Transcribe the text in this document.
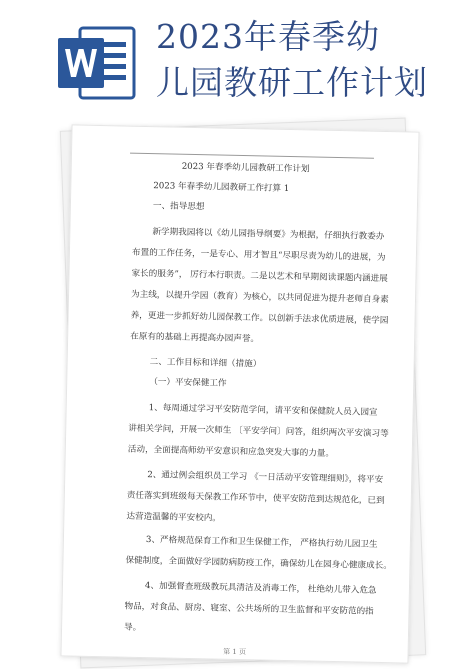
2023年春季幼
儿园教研工作计划
2023 年春季幼儿园教研工作计划
2023 年春季幼儿园教研工作打算 1
一、指导思想
新学期我园将以《幼儿园指导纲要》为根据，仔细执行教委办
布置的工作任务，一是专心、用才智且“尽职尽责为幼儿的进展，为
家长的服务”， 厉行本行职责。二是以艺术和早期阅读课题内涵进展
为主线，以提升学园（教育）为核心，以共同促进为提升老师自身素
养，更进一步抓好幼儿园保教工作。以创新手法求优质进展，使学园
在原有的基础上再提高办园声誉。
二、工作目标和详细（措施）
（一）平安保健工作
1、每周通过学习平安防范学问，请平安和保健院人员入园宣
讲相关学问，开展一次师生 〔平安学问〕问答，组织两次平安演习等
活动，全面提高师幼平安意识和应急突发大事的力量。
2、通过例会组织员工学习 《一日活动平安管理细则》，将平安
责任落实到班级每天保教工作环节中，使平安防范到达规范化，已到
达营造温馨的平安校内。
3、严格规范保育工作和卫生保健工作， 严格执行幼儿园卫生
保健制度，全面做好学园防病防疫工作，确保幼儿在园身心健康成长。
4、加强督查班级教玩具清洁及消毒工作， 杜绝幼儿带入危急
物品，对食品、厨房、寝室、公共场所的卫生监督和平安防范的指
导。
第 1 页
